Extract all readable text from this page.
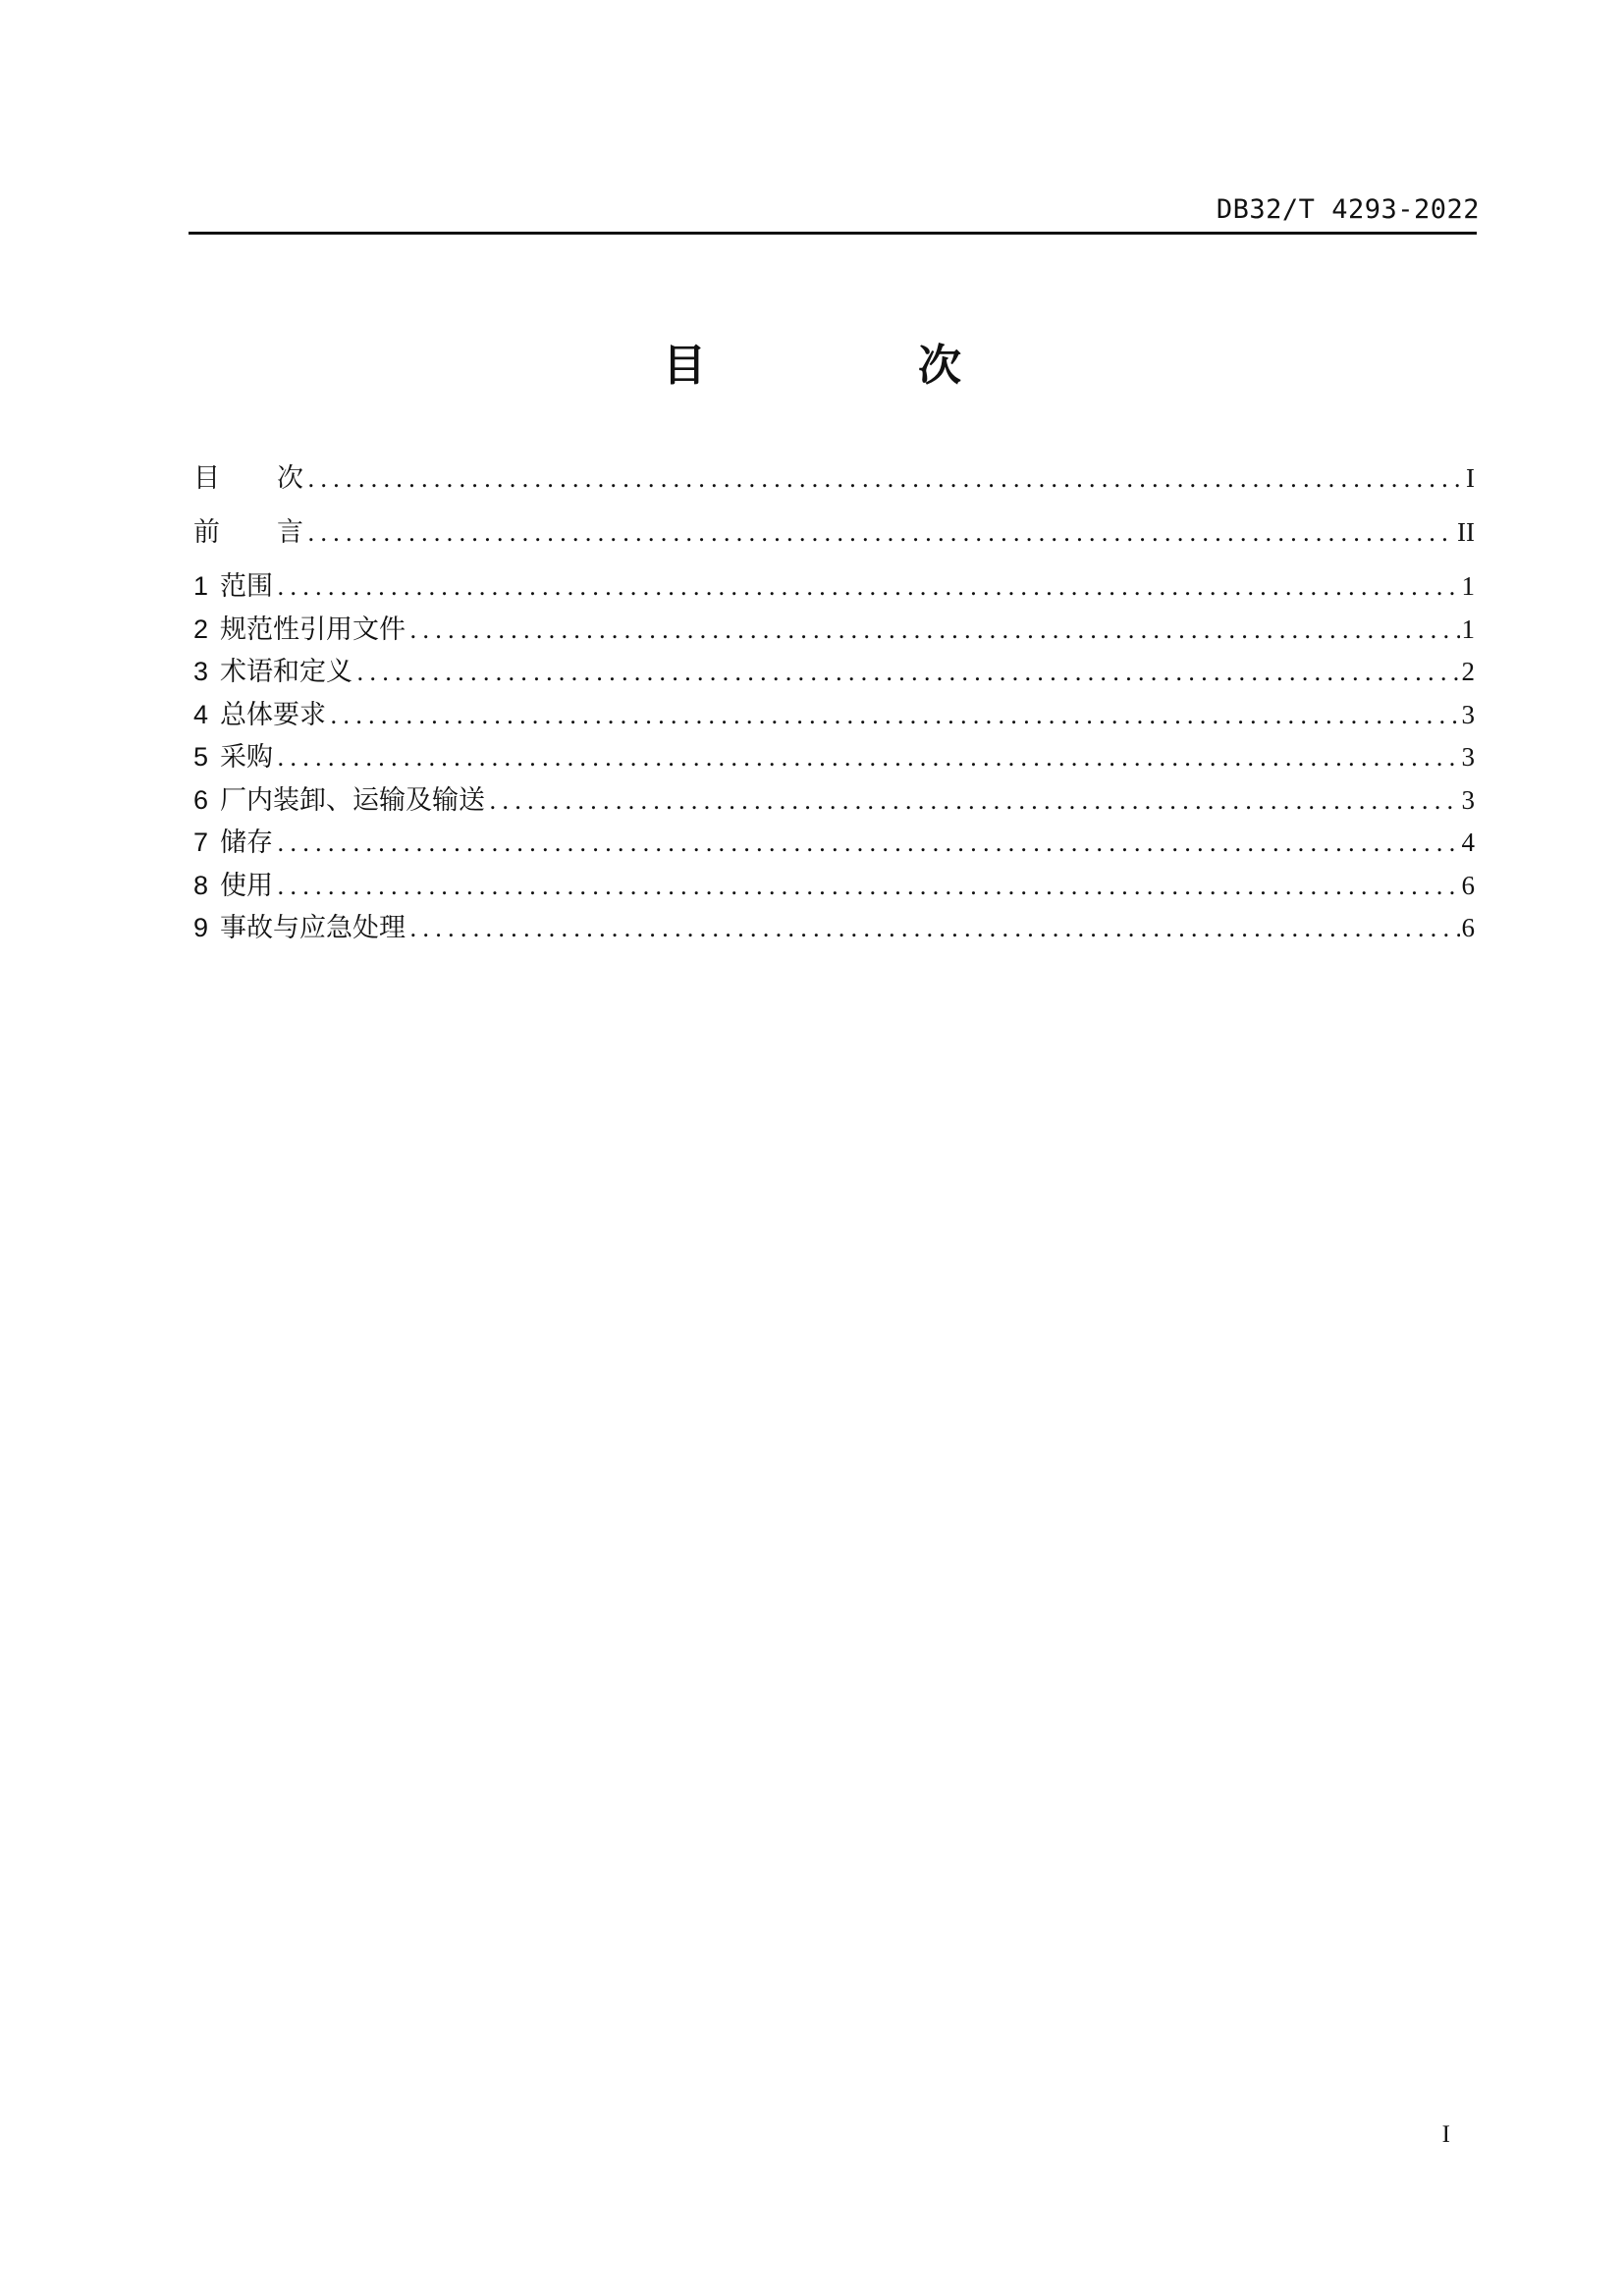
DB32/T 4293-2022
目　次
目次 .....	I
前言 .....	II
1 范围 .....	1
2 规范性引用文件 .....	1
3 术语和定义 .....	2
4 总体要求 .....	3
5 采购 .....	3
6 厂内装卸、运输及输送 .....	3
7 储存 .....	4
8 使用 .....	6
9 事故与应急处理 .....	6
I
